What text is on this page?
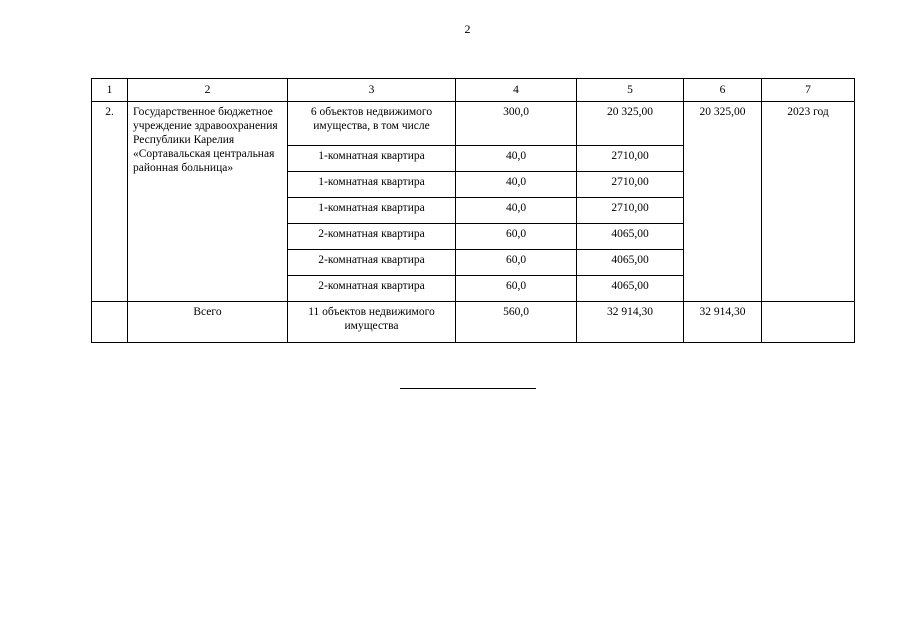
2
1	2	3	4	5	6	7
2.	Государственное бюджетное учреждение здравоохранения Республики Карелия «Сортавальская центральная районная больница»	6 объектов недвижимого имущества, в том числе	300,0	20 325,00	20 325,00	2023 год
		1-комнатная квартира	40,0	2710,00		
		1-комнатная квартира	40,0	2710,00		
		1-комнатная квартира	40,0	2710,00		
		2-комнатная квартира	60,0	4065,00		
		2-комнатная квартира	60,0	4065,00		
		2-комнатная квартира	60,0	4065,00		
	Всего	11 объектов недвижимого имущества	560,0	32 914,30	32 914,30	
